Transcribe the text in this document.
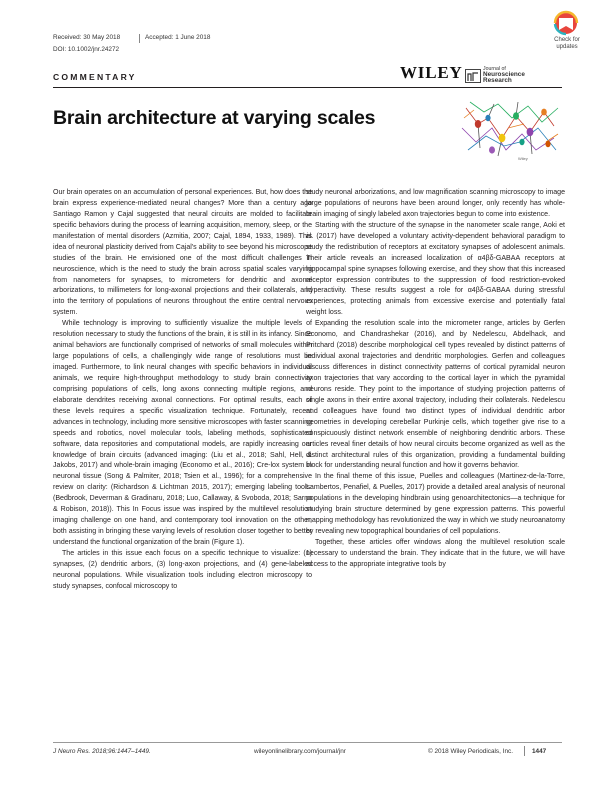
Received: 30 May 2018	Accepted: 1 June 2018
DOI: 10.1002/jnr.24272
Check for
updates
COMMENTARY	WILEY	Journal of
Neuroscience
Research
Brain architecture at varying scales
Wiley

Our brain operates on an accumulation of personal experiences. But, how does the brain express experience-mediated neural changes? More than a century ago Santiago Ramon y Cajal suggested that neural circuits are molded to facilitate specific behaviors during the process of learning acquisition, memory, sleep, or the manifestation of mental disorders (Azmitia, 2007; Cajal, 1894, 1933, 1989). This idea of neuronal plasticity derived from Cajal's ability to see beyond his microscope studies of the brain. He envisioned one of the most difficult challenges in neuroscience, which is the need to study the brain across spatial scales varying from nanometers for synapses, to micrometers for dendritic and axonal arborizations, to millimeters for long-axonal projections and their collaterals, and into the territory of populations of neurons throughout the entire central nervous system.

While technology is improving to sufficiently visualize the multiple levels of resolution necessary to study the functions of the brain, it is still in its infancy. Since animal behaviors are functionally comprised of networks of small molecules within large populations of cells, a challengingly wide range of resolutions must be imaged. Furthermore, to link neural changes with specific behaviors in individual animals, we require high-throughput methodology to study brain connectivity comprising populations of cells, long axons connecting multiple regions, and elaborate dendrites receiving axonal connections. For optimal results, each of these levels requires a specific visualization technique. Fortunately, recent advances in technology, including more sensitive microscopes with faster scanning speeds and robotics, novel molecular tools, labeling methods, sophisticated software, data repositories and computational models, are rapidly increasing our knowledge of brain circuits (advanced imaging: (Liu et al., 2018; Sahl, Hell, & Jakobs, 2017) and whole-brain imaging (Economo et al., 2016); Cre-lox system in neuronal tissue (Song & Palmiter, 2018; Tsien et al., 1996); for a comprehensive review on clarity: (Richardson & Lichtman 2015, 2017); emerging labeling tools: (Bedbrook, Deverman & Gradinaru, 2018; Luo, Callaway, & Svoboda, 2018; Sarno & Robison, 2018)). This In Focus issue was inspired by the multilevel resolution imaging challenge on one hand, and contemporary tool innovation on the other, both assisting in bringing these varying levels of resolution closer together to better understand the functional organization of the brain (Figure 1).

The articles in this issue each focus on a specific technique to visualize: (1) synapses, (2) dendritic arbors, (3) long-axon projections, and (4) gene-labeled neuronal populations. While visualization tools including electron microscopy to study synapses, confocal microscopy to

study neuronal arborizations, and low magnification scanning microscopy to image large populations of neurons have been around longer, only recently has whole-brain imaging of singly labeled axon trajectories begun to come into existence.

Starting with the structure of the synapse in the nanometer scale range, Aoki et al. (2017) have developed a voluntary activity-dependent behavioral paradigm to study the redistribution of receptors at excitatory synapses of adolescent animals. Their article reveals an increased localization of α4βδ-GABAA receptors at hippocampal spine synapses following exercise, and they show that this increased receptor expression contributes to the suppression of food restriction-evoked hyperactivity. These results suggest a role for α4βδ-GABAA during stressful experiences, protecting animals from excessive exercise and potentially fatal weight loss.

Expanding the resolution scale into the micrometer range, articles by Gerfen Economo, and Chandrashekar (2016), and by Nedelescu, Abdelhack, and Pritchard (2018) describe morphological cell types revealed by distinct patterns of individual axonal trajectories and dendritic morphologies. Gerfen and colleagues discuss differences in distinct connectivity patterns of cortical pyramidal neuron axon trajectories that vary according to the cortical layer in which the pyramidal neurons reside. They point to the importance of studying projection patterns of single axons in their entire axonal trajectory, including their collaterals. Nedelescu and colleagues have found two distinct types of individual dendritic arbor geometries in developing cerebellar Purkinje cells, which together give rise to a conspicuously distinct network ensemble of neighboring dendritic arbors. These articles reveal finer details of how neural circuits become organized as well as the distinct architectural rules of this organization, providing a fundamental building block for understanding neural function and how it governs behavior.

In the final theme of this issue, Puelles and colleagues (Martinez-de-la-Torre, Lambertos, Penafiel, & Puelles, 2017) provide a detailed areal analysis of neuronal populations in the developing hindbrain using genoarchitectonics—a technique for studying brain structure determined by gene expression patterns. This powerful mapping methodology has revolutionized the way in which we study neuroanatomy by revealing new topographical boundaries of cell populations.

Together, these articles offer windows along the multilevel resolution scale necessary to understand the brain. They indicate that in the future, we will have access to the appropriate integrative tools by

J Neuro Res. 2018;96:1447–1449.	wileyonlinelibrary.com/journal/jnr	© 2018 Wiley Periodicals, Inc.	1447
